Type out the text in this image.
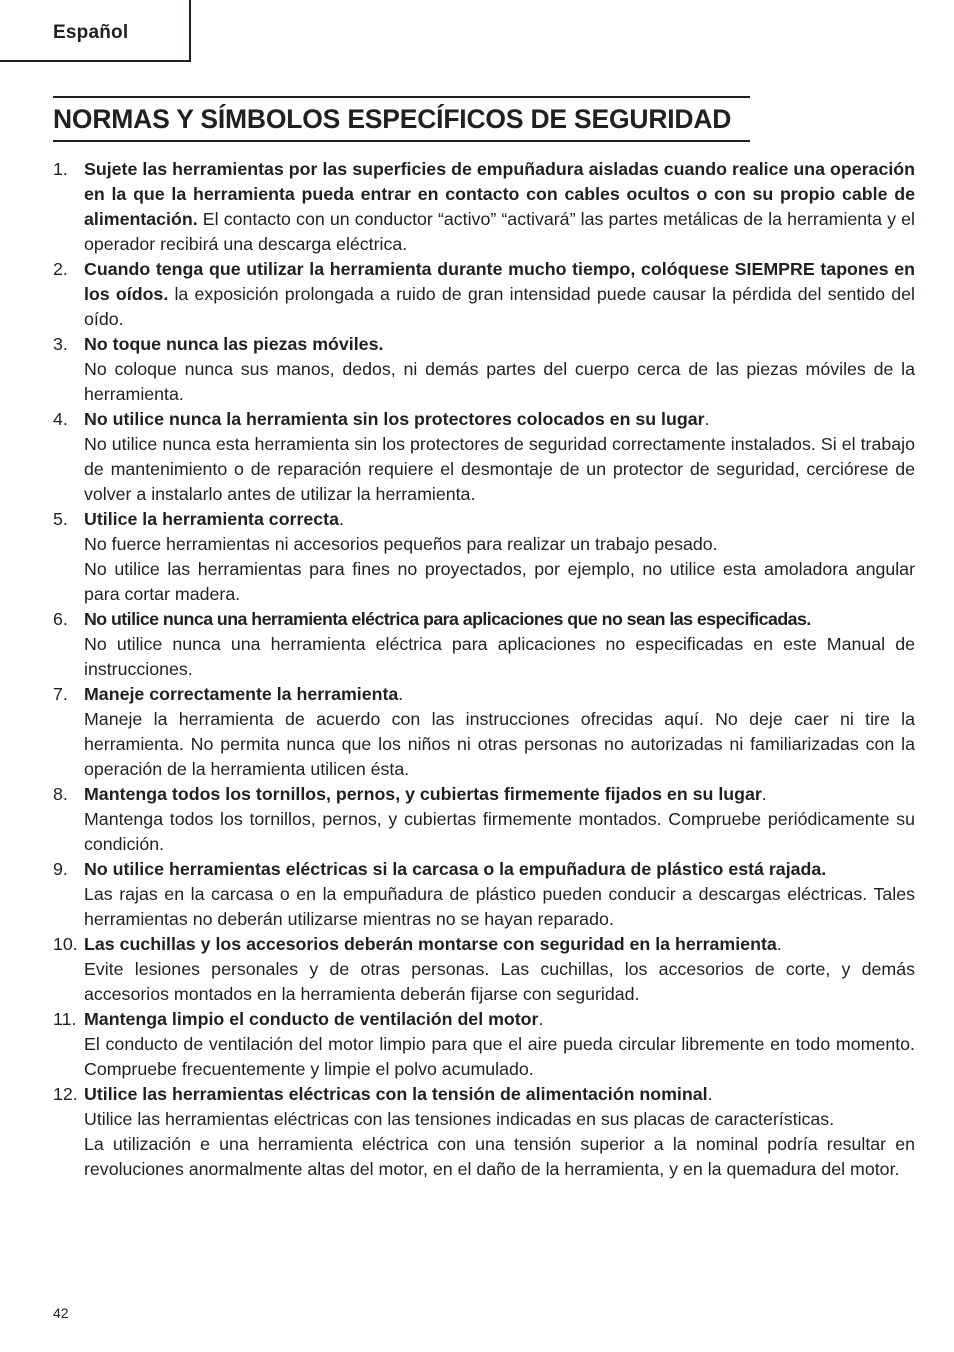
Español
NORMAS Y SÍMBOLOS ESPECÍFICOS DE SEGURIDAD
1. Sujete las herramientas por las superficies de empuñadura aisladas cuando realice una operación en la que la herramienta pueda entrar en contacto con cables ocultos o con su propio cable de alimentación. El contacto con un conductor “activo” “activará” las partes metálicas de la herramienta y el operador recibirá una descarga eléctrica.
2. Cuando tenga que utilizar la herramienta durante mucho tiempo, colóquese SIEMPRE tapones en los oídos. la exposición prolongada a ruido de gran intensidad puede causar la pérdida del sentido del oído.
3. No toque nunca las piezas móviles.
No coloque nunca sus manos, dedos, ni demás partes del cuerpo cerca de las piezas móviles de la herramienta.
4. No utilice nunca la herramienta sin los protectores colocados en su lugar.
No utilice nunca esta herramienta sin los protectores de seguridad correctamente instalados. Si el trabajo de mantenimiento o de reparación requiere el desmontaje de un protector de seguridad, cerciórese de volver a instalarlo antes de utilizar la herramienta.
5. Utilice la herramienta correcta.
No fuerce herramientas ni accesorios pequeños para realizar un trabajo pesado.
No utilice las herramientas para fines no proyectados, por ejemplo, no utilice esta amoladora angular para cortar madera.
6. No utilice nunca una herramienta eléctrica para aplicaciones que no sean las especificadas.
No utilice nunca una herramienta eléctrica para aplicaciones no especificadas en este Manual de instrucciones.
7. Maneje correctamente la herramienta.
Maneje la herramienta de acuerdo con las instrucciones ofrecidas aquí. No deje caer ni tire la herramienta. No permita nunca que los niños ni otras personas no autorizadas ni familiarizadas con la operación de la herramienta utilicen ésta.
8. Mantenga todos los tornillos, pernos, y cubiertas firmemente fijados en su lugar.
Mantenga todos los tornillos, pernos, y cubiertas firmemente montados. Compruebe periódicamente su condición.
9. No utilice herramientas eléctricas si la carcasa o la empuñadura de plástico está rajada.
Las rajas en la carcasa o en la empuñadura de plástico pueden conducir a descargas eléctricas. Tales herramientas no deberán utilizarse mientras no se hayan reparado.
10. Las cuchillas y los accesorios deberán montarse con seguridad en la herramienta.
Evite lesiones personales y de otras personas. Las cuchillas, los accesorios de corte, y demás accesorios montados en la herramienta deberán fijarse con seguridad.
11. Mantenga limpio el conducto de ventilación del motor.
El conducto de ventilación del motor limpio para que el aire pueda circular libremente en todo momento. Compruebe frecuentemente y limpie el polvo acumulado.
12. Utilice las herramientas eléctricas con la tensión de alimentación nominal.
Utilice las herramientas eléctricas con las tensiones indicadas en sus placas de características.
La utilización e una herramienta eléctrica con una tensión superior a la nominal podría resultar en revoluciones anormalmente altas del motor, en el daño de la herramienta, y en la quemadura del motor.
42
